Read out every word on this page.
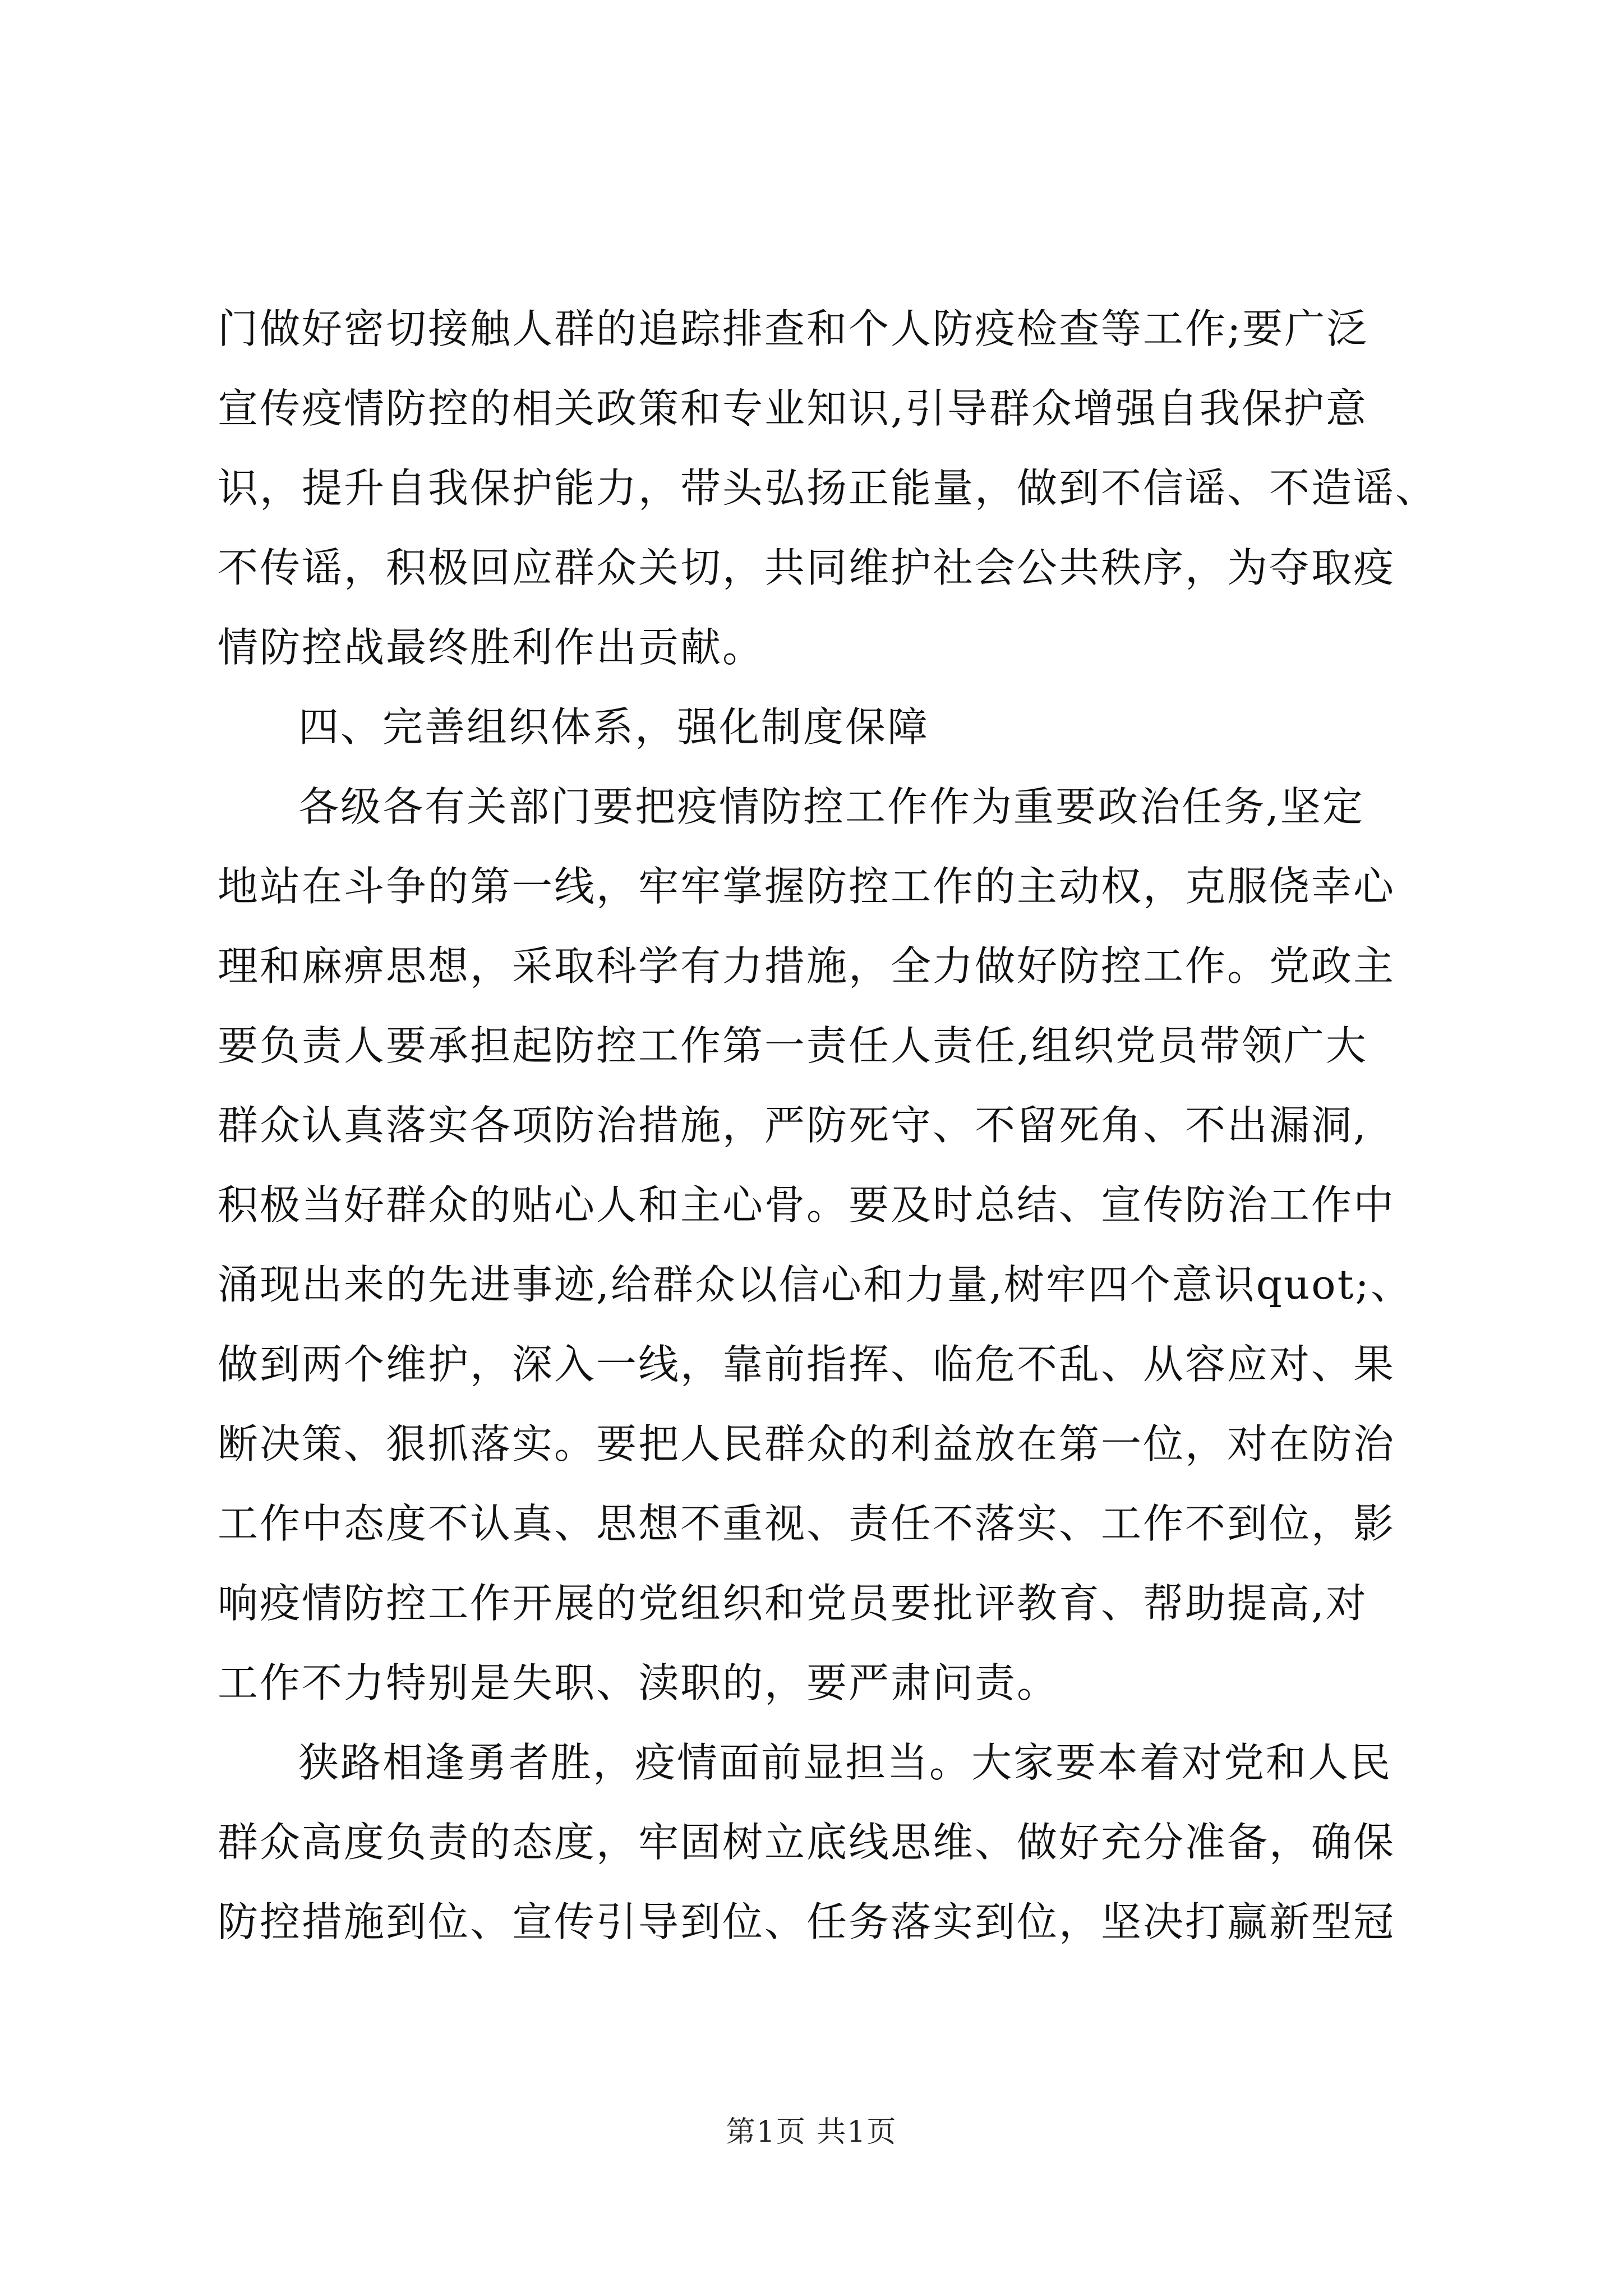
门做好密切接触人群的追踪排查和个人防疫检查等工作;要广泛
宣传疫情防控的相关政策和专业知识,引导群众增强自我保护意
识，提升自我保护能力，带头弘扬正能量，做到不信谣、不造谣、
不传谣，积极回应群众关切，共同维护社会公共秩序，为夺取疫
情防控战最终胜利作出贡献。
四、完善组织体系，强化制度保障
各级各有关部门要把疫情防控工作作为重要政治任务,坚定
地站在斗争的第一线，牢牢掌握防控工作的主动权，克服侥幸心
理和麻痹思想，采取科学有力措施，全力做好防控工作。党政主
要负责人要承担起防控工作第一责任人责任,组织党员带领广大
群众认真落实各项防治措施，严防死守、不留死角、不出漏洞,
积极当好群众的贴心人和主心骨。要及时总结、宣传防治工作中
涌现出来的先进事迹,给群众以信心和力量,树牢四个意识quot;、
做到两个维护，深入一线，靠前指挥、临危不乱、从容应对、果
断决策、狠抓落实。要把人民群众的利益放在第一位，对在防治
工作中态度不认真、思想不重视、责任不落实、工作不到位，影
响疫情防控工作开展的党组织和党员要批评教育、帮助提高,对
工作不力特别是失职、渎职的，要严肃问责。
狭路相逢勇者胜，疫情面前显担当。大家要本着对党和人民
群众高度负责的态度，牢固树立底线思维、做好充分准备，确保
防控措施到位、宣传引导到位、任务落实到位，坚决打赢新型冠
第1页 共1页
